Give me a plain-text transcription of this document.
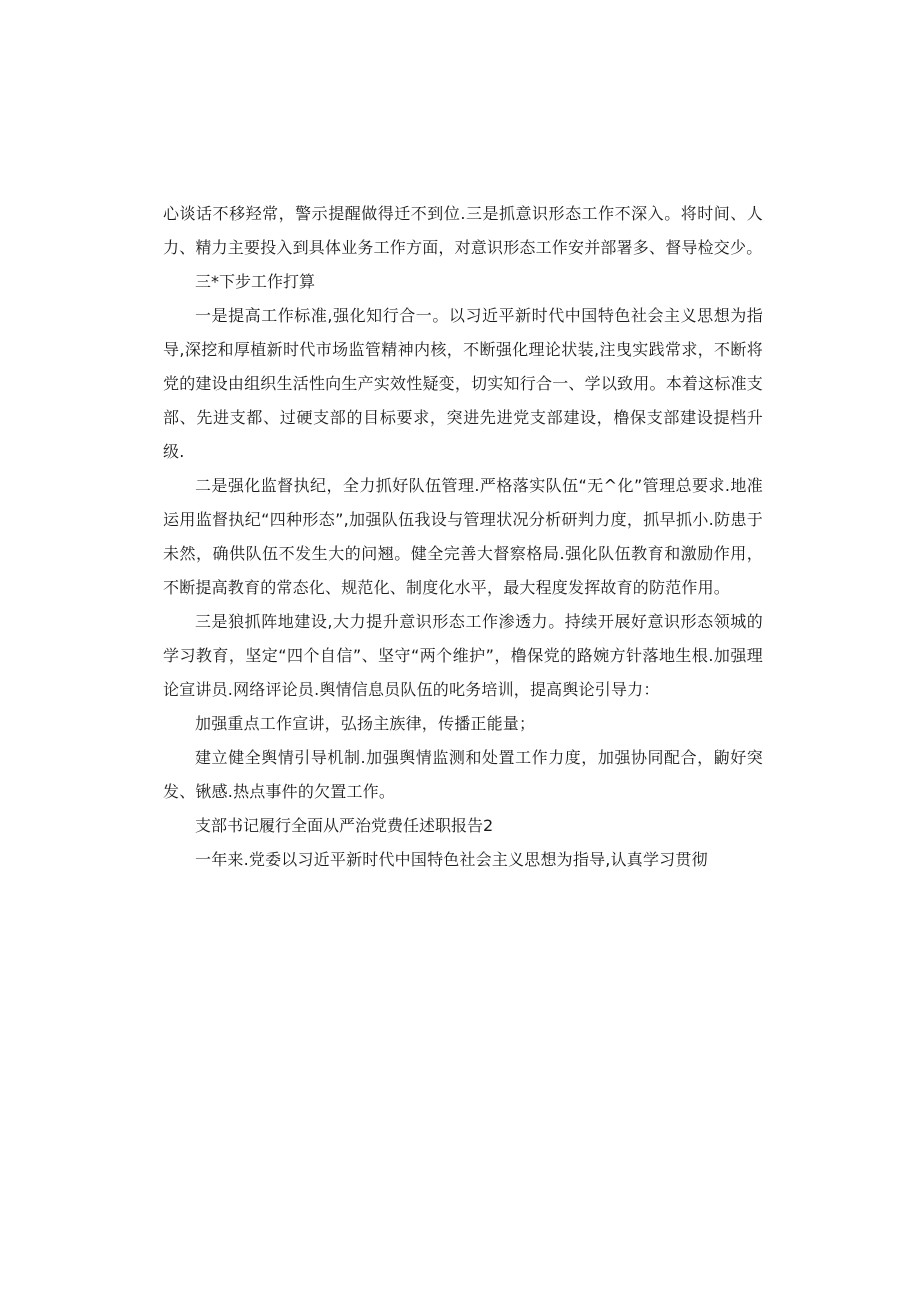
心谈话不移羟常，警示提醒做得迁不到位.三是抓意识形态工作不深入。将时间、人力、精力主要投入到具体业务工作方面，对意识形态工作安并部署多、督导检交少。

三*下步工作打算

一是提高工作标准,强化知行合一。以习近平新时代中国特色社会主义思想为指导,深挖和厚植新时代市场监管精神内核，不断强化理论状装,注曳实践常求，不断将党的建设由组织生活性向生产实效性疑变，切实知行合一、学以致用。本着这标准支部、先进支都、过硬支部的目标要求，突进先进党支部建设，橹保支部建设提档升级.

二是强化监督执纪，全力抓好队伍管理.严格落实队伍“无^化”管理总要求.地准运用监督执纪“四种形态”,加强队伍我设与管理状况分析研判力度，抓早抓小.防患于未然，确供队伍不发生大的问翘。健全完善大督察格局.强化队伍教育和激励作用，不断提高教育的常态化、规范化、制度化水平，最大程度发挥故育的防范作用。

三是狼抓阵地建设,大力提升意识形态工作渗透力。持续开展好意识形态领城的学习教育，坚定“四个自信”、坚守“两个维护”，橹保党的路婉方针落地生根.加强理论宣讲员.网络评论员.舆情信息员队伍的叱务培训，提高舆论引导力：

加强重点工作宣讲，弘扬主族律，传播正能量；

建立健全舆情引导机制.加强舆情监测和处置工作力度，加强协同配合，鼩好突发、锹感.热点事件的欠置工作。

支部书记履行全面从严治党费任述职报告2

一年来.党委以习近平新时代中国特色社会主义思想为指导,认真学习贯彻
